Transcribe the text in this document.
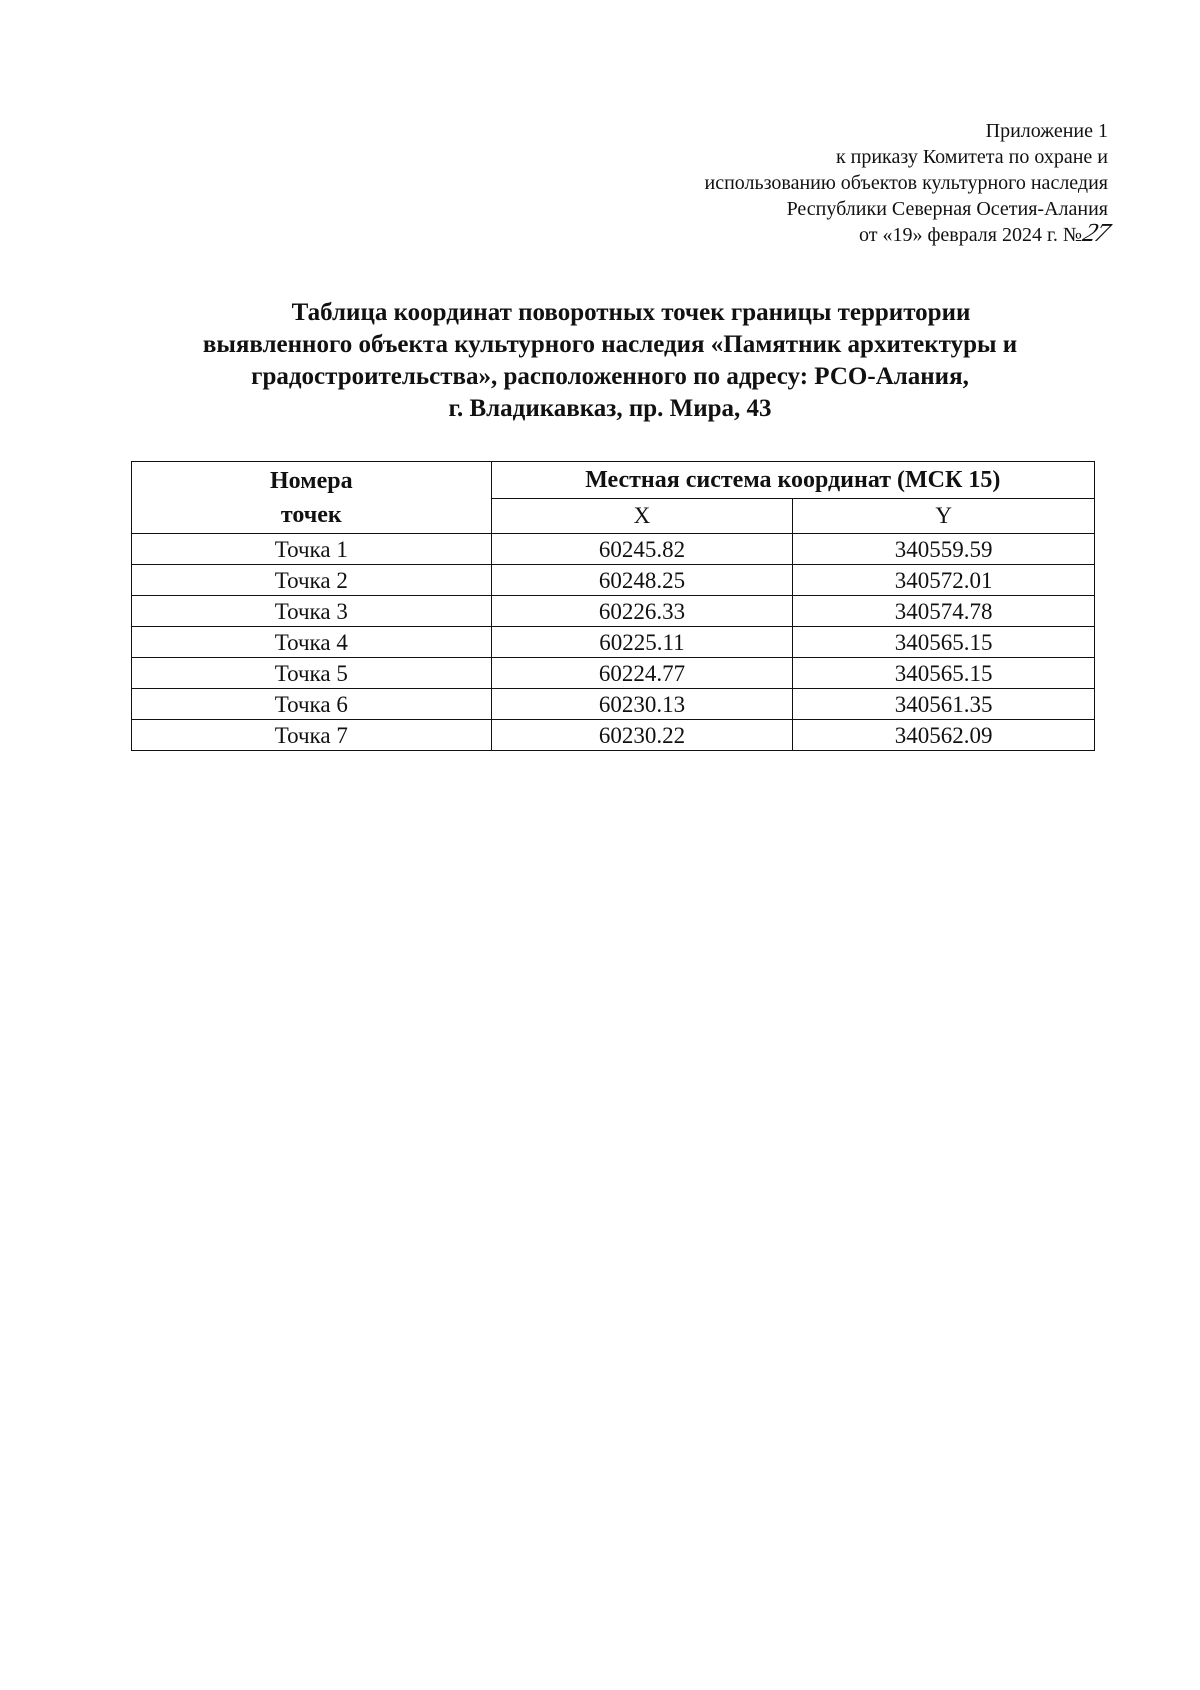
Приложение 1
к приказу Комитета по охране и
использованию объектов культурного наследия
Республики Северная Осетия-Алания
от «19» февраля 2024 г. №27
Таблица координат поворотных точек границы территории
выявленного объекта культурного наследия «Памятник архитектуры и
градостроительства», расположенного по адресу: РСО-Алания,
г. Владикавказ, пр. Мира, 43
Номера
точек	Местная система координат (МСК 15)	
	X	Y
Точка 1	60245.82	340559.59
Точка 2	60248.25	340572.01
Точка 3	60226.33	340574.78
Точка 4	60225.11	340565.15
Точка 5	60224.77	340565.15
Точка 6	60230.13	340561.35
Точка 7	60230.22	340562.09
